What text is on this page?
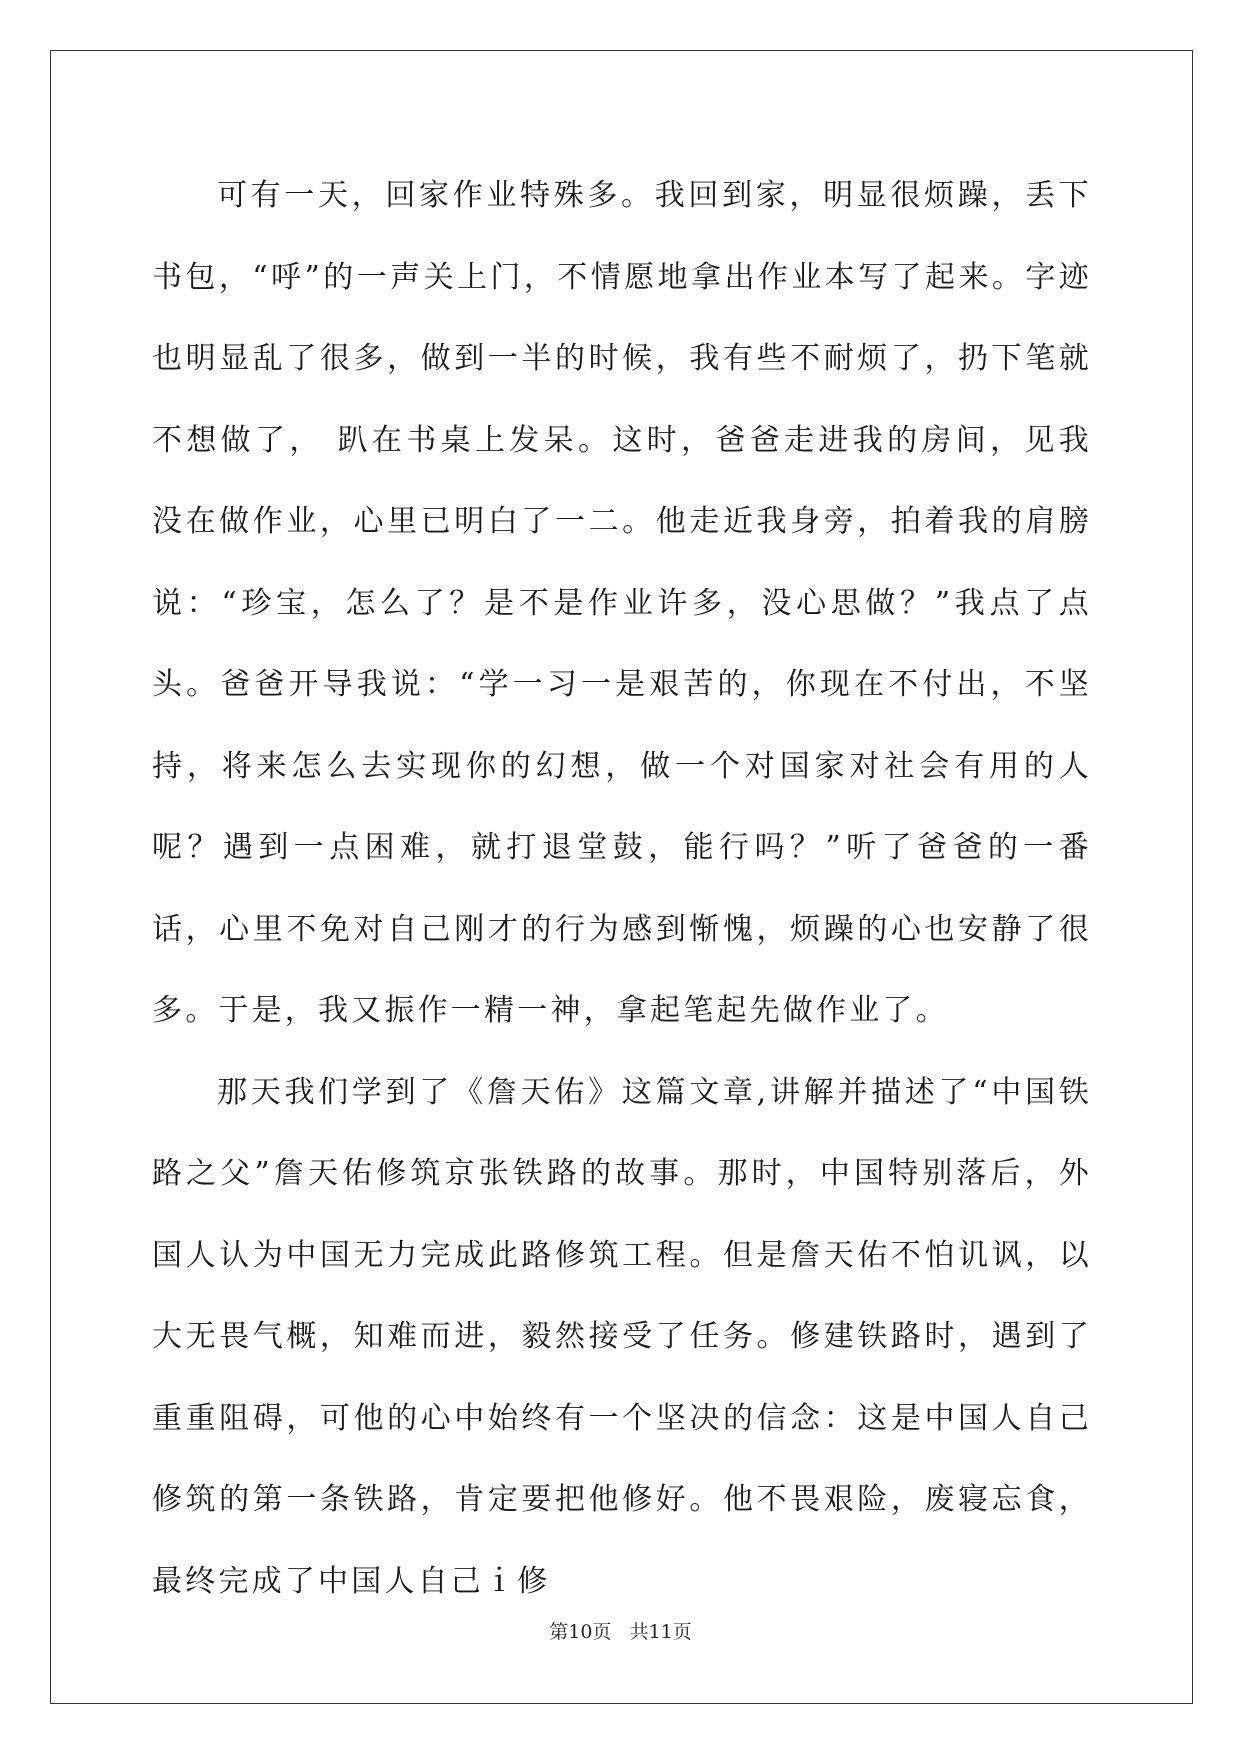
可有一天，回家作业特殊多。我回到家，明显很烦躁，丢下书包，“呼”的一声关上门，不情愿地拿出作业本写了起来。字迹也明显乱了很多，做到一半的时候，我有些不耐烦了，扔下笔就不想做了， 趴在书桌上发呆。这时，爸爸走进我的房间，见我没在做作业，心里已明白了一二。他走近我身旁，拍着我的肩膀说：“珍宝，怎么了？是不是作业许多，没心思做？”我点了点头。爸爸开导我说：“学一习一是艰苦的，你现在不付出，不坚持，将来怎么去实现你的幻想，做一个对国家对社会有用的人呢？遇到一点困难，就打退堂鼓，能行吗？”听了爸爸的一番话，心里不免对自己刚才的行为感到惭愧，烦躁的心也安静了很多。于是，我又振作一精一神，拿起笔起先做作业了。

那天我们学到了《詹天佑》这篇文章,讲解并描述了“中国铁路之父”詹天佑修筑京张铁路的故事。那时，中国特别落后，外国人认为中国无力完成此路修筑工程。但是詹天佑不怕讥讽，以大无畏气概，知难而进，毅然接受了任务。修建铁路时，遇到了重重阻碍，可他的心中始终有一个坚决的信念：这是中国人自己修筑的第一条铁路，肯定要把他修好。他不畏艰险，废寝忘食，最终完成了中国人自己ｉ修

第10页 共11页
